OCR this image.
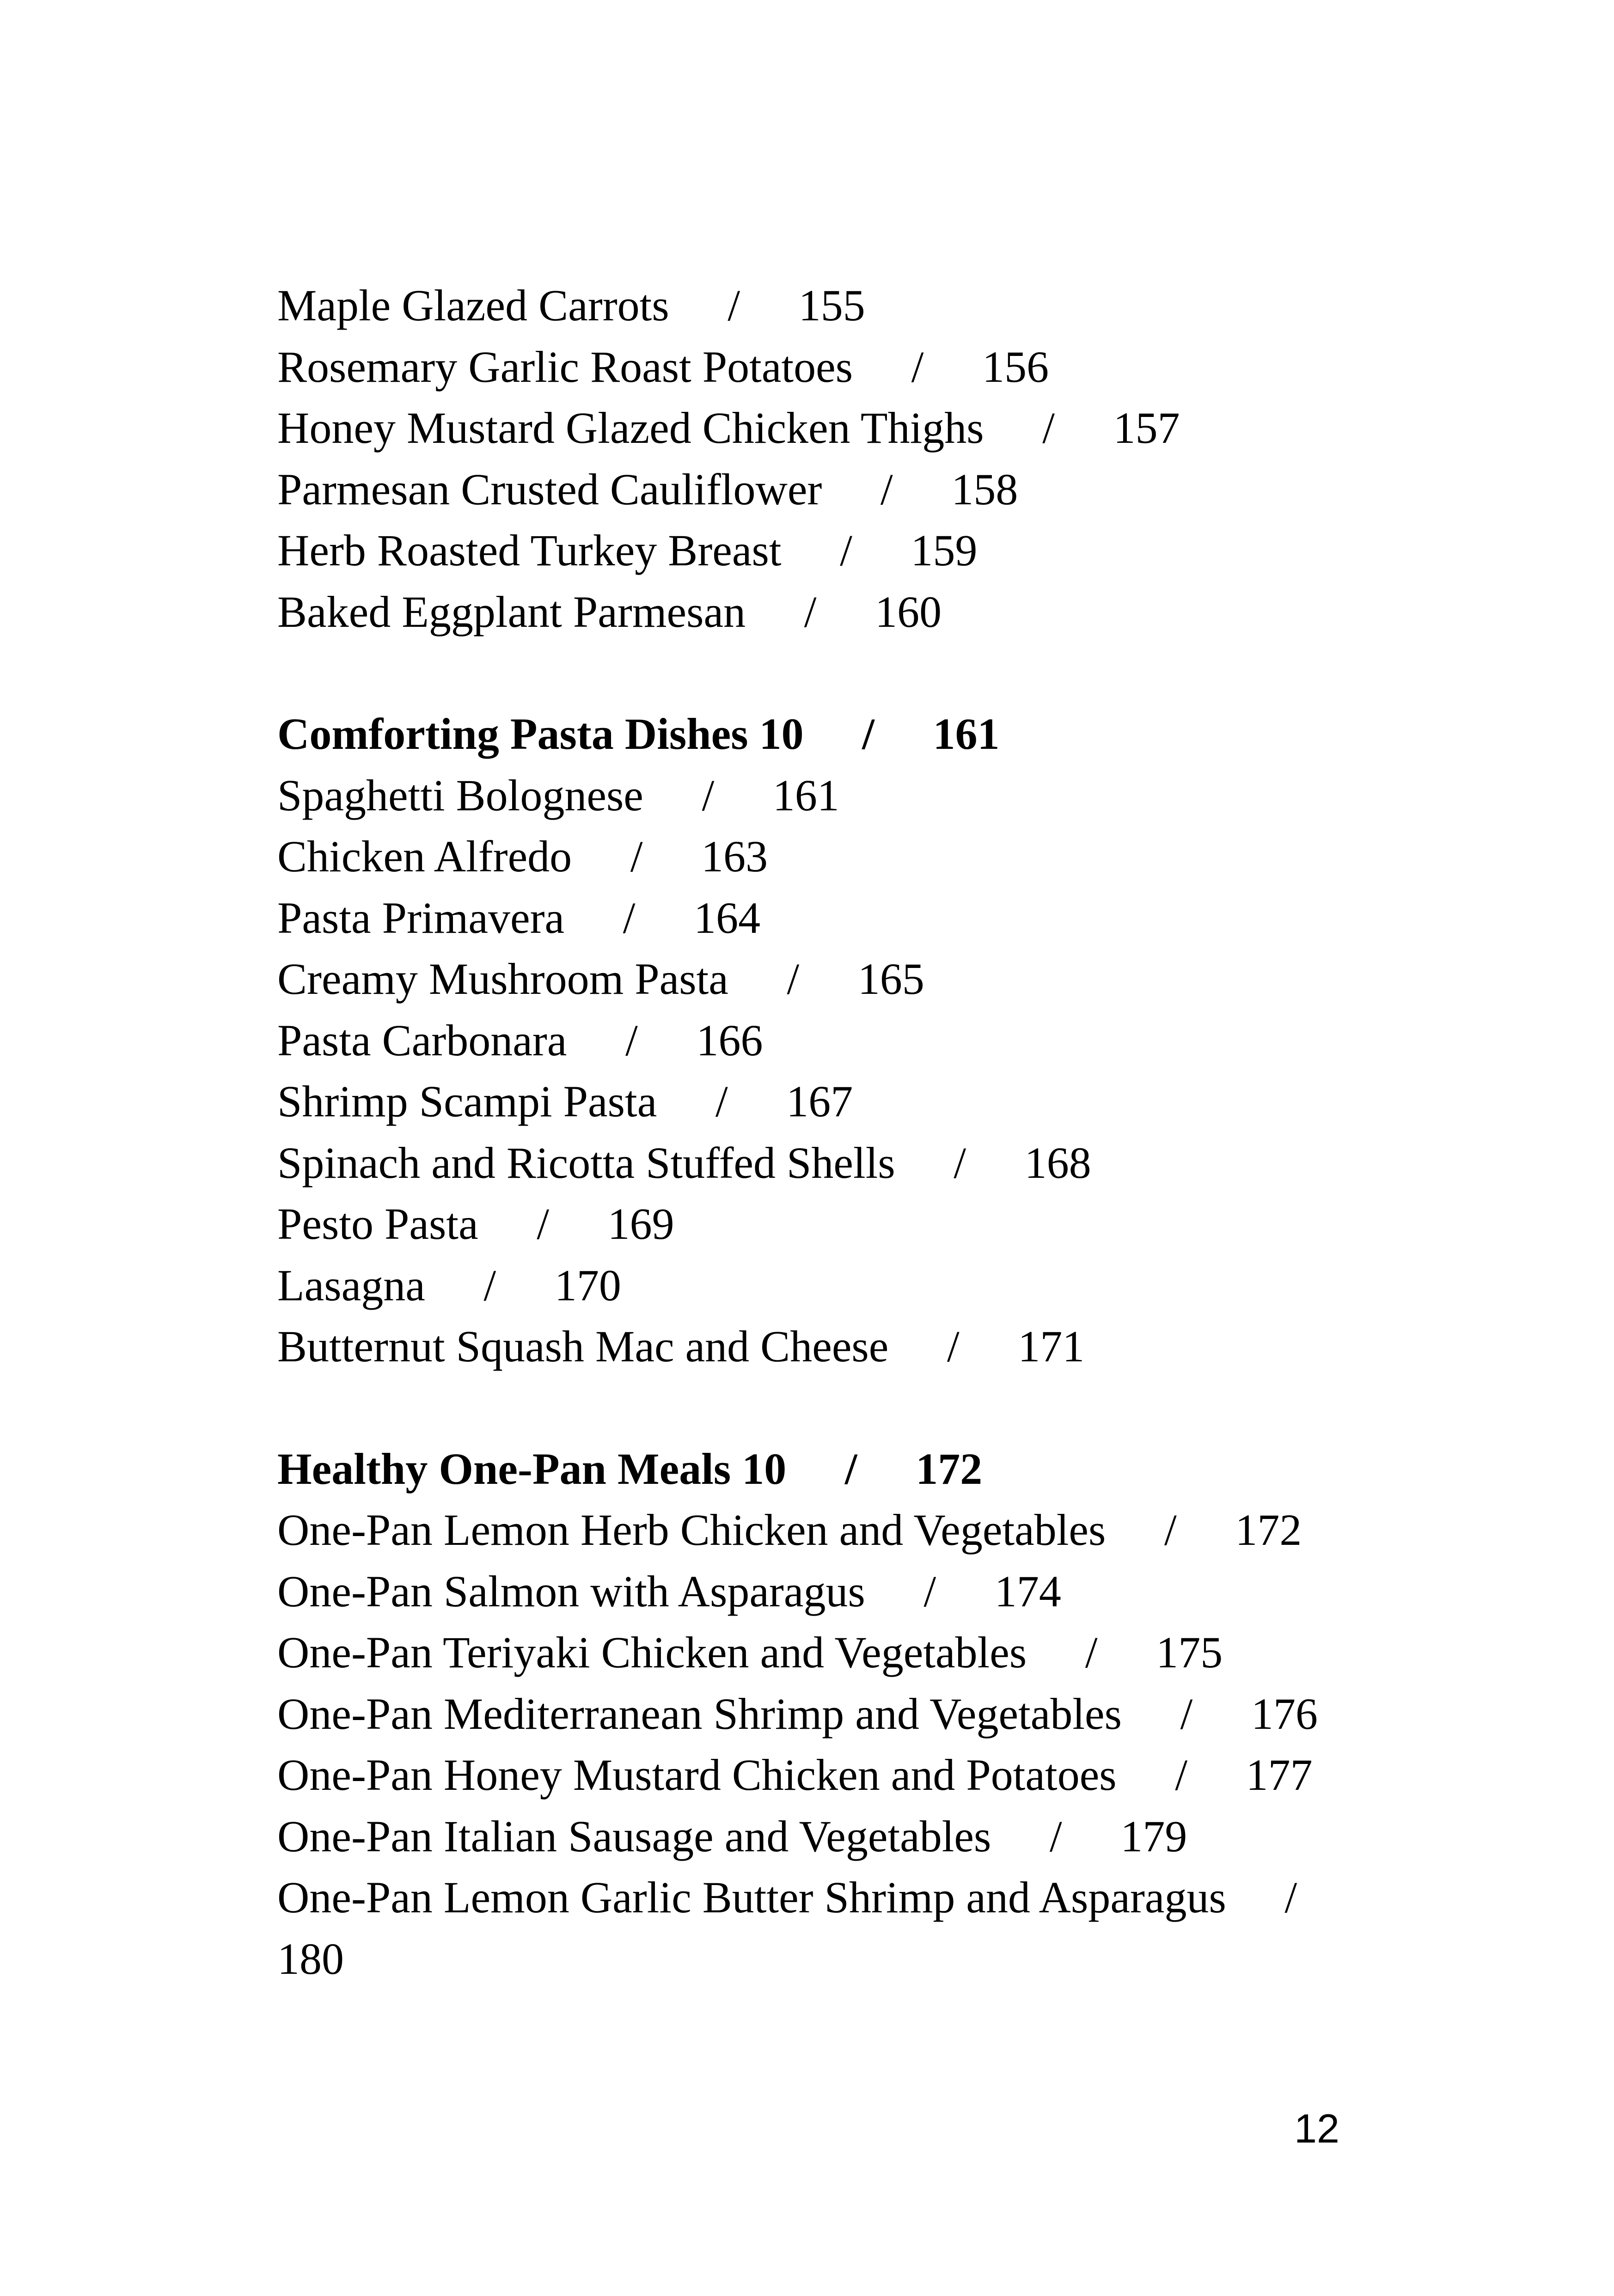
Maple Glazed Carrots / 155
Rosemary Garlic Roast Potatoes / 156
Honey Mustard Glazed Chicken Thighs / 157
Parmesan Crusted Cauliflower / 158
Herb Roasted Turkey Breast / 159
Baked Eggplant Parmesan / 160
Comforting Pasta Dishes 10 / 161
Spaghetti Bolognese / 161
Chicken Alfredo / 163
Pasta Primavera / 164
Creamy Mushroom Pasta / 165
Pasta Carbonara / 166
Shrimp Scampi Pasta / 167
Spinach and Ricotta Stuffed Shells / 168
Pesto Pasta / 169
Lasagna / 170
Butternut Squash Mac and Cheese / 171
Healthy One-Pan Meals 10 / 172
One-Pan Lemon Herb Chicken and Vegetables / 172
One-Pan Salmon with Asparagus / 174
One-Pan Teriyaki Chicken and Vegetables / 175
One-Pan Mediterranean Shrimp and Vegetables / 176
One-Pan Honey Mustard Chicken and Potatoes / 177
One-Pan Italian Sausage and Vegetables / 179
One-Pan Lemon Garlic Butter Shrimp and Asparagus / 180
12
